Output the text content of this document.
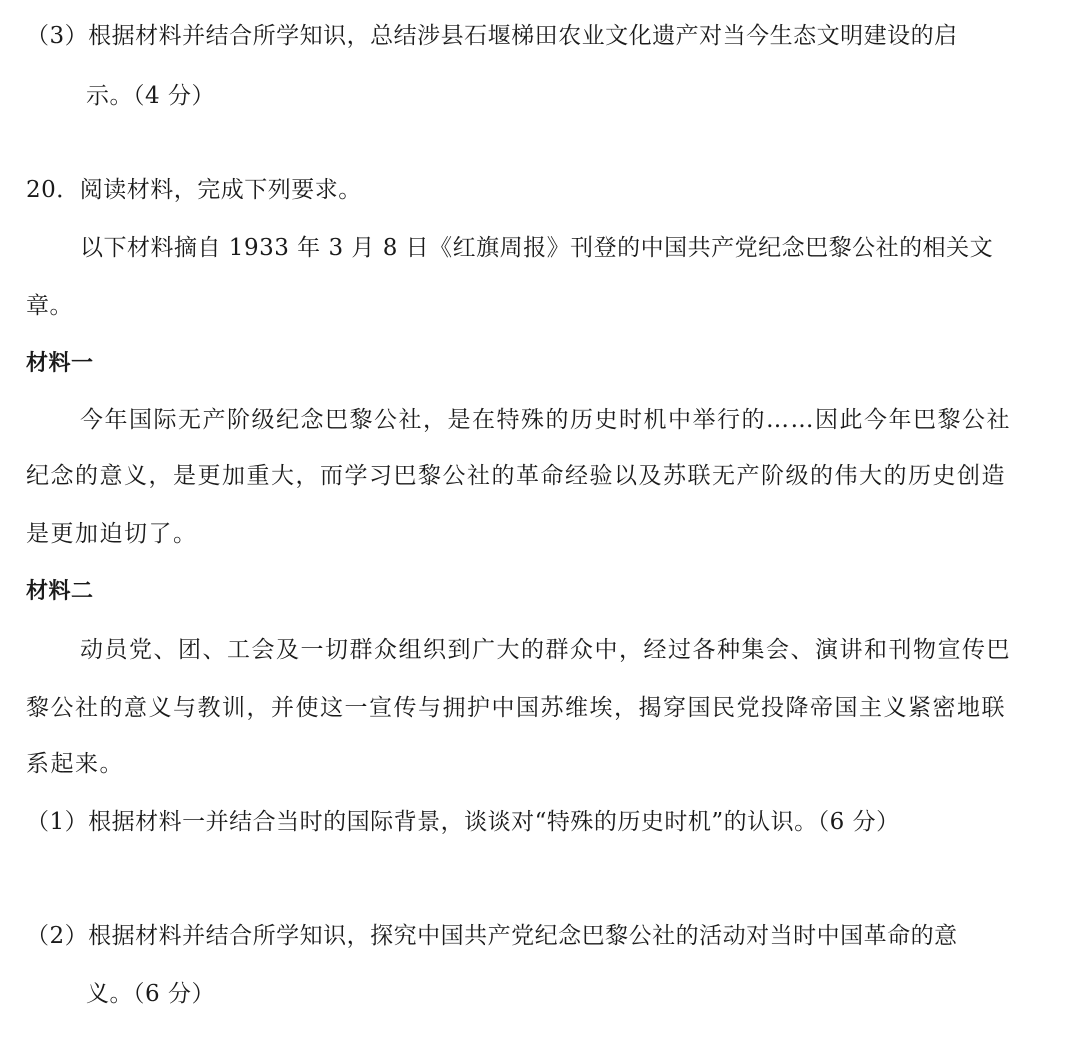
（3）根据材料并结合所学知识，总结涉县石堰梯田农业文化遗产对当今生态文明建设的启
示。（4 分）
20．阅读材料，完成下列要求。
以下材料摘自 1933 年 3 月 8 日《红旗周报》刊登的中国共产党纪念巴黎公社的相关文
章。
材料一
今年国际无产阶级纪念巴黎公社，是在特殊的历史时机中举行的……因此今年巴黎公社
纪念的意义，是更加重大，而学习巴黎公社的革命经验以及苏联无产阶级的伟大的历史创造
是更加迫切了。
材料二
动员党、团、工会及一切群众组织到广大的群众中，经过各种集会、演讲和刊物宣传巴
黎公社的意义与教训，并使这一宣传与拥护中国苏维埃，揭穿国民党投降帝国主义紧密地联
系起来。
（1）根据材料一并结合当时的国际背景，谈谈对“特殊的历史时机”的认识。（6 分）
（2）根据材料并结合所学知识，探究中国共产党纪念巴黎公社的活动对当时中国革命的意
义。（6 分）
